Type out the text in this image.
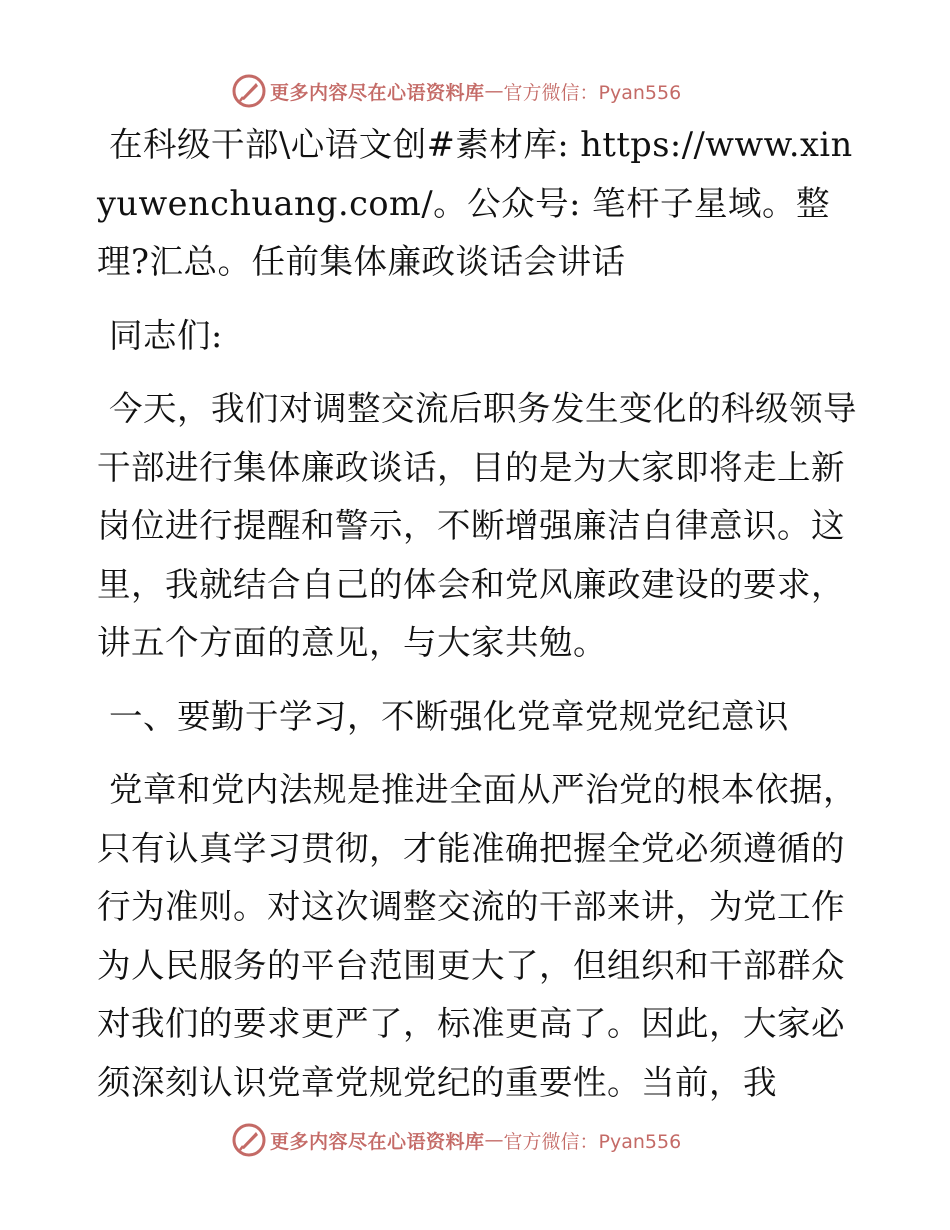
更多内容尽在心语资料库 — 官方微信：Pyan556

在科级干部\心语文创#素材库: https://www.xinyuwenchuang.com/。公众号: 笔杆子星域。整理?汇总。任前集体廉政谈话会讲话

同志们:

今天，我们对调整交流后职务发生变化的科级领导干部进行集体廉政谈话，目的是为大家即将走上新岗位进行提醒和警示，不断增强廉洁自律意识。这里，我就结合自己的体会和党风廉政建设的要求，讲五个方面的意见，与大家共勉。

一、要勤于学习，不断强化党章党规党纪意识

党章和党内法规是推进全面从严治党的根本依据，只有认真学习贯彻，才能准确把握全党必须遵循的行为准则。对这次调整交流的干部来讲，为党工作为人民服务的平台范围更大了，但组织和干部群众对我们的要求更严了，标准更高了。因此，大家必须深刻认识党章党规党纪的重要性。当前，我

更多内容尽在心语资料库 — 官方微信：Pyan556
